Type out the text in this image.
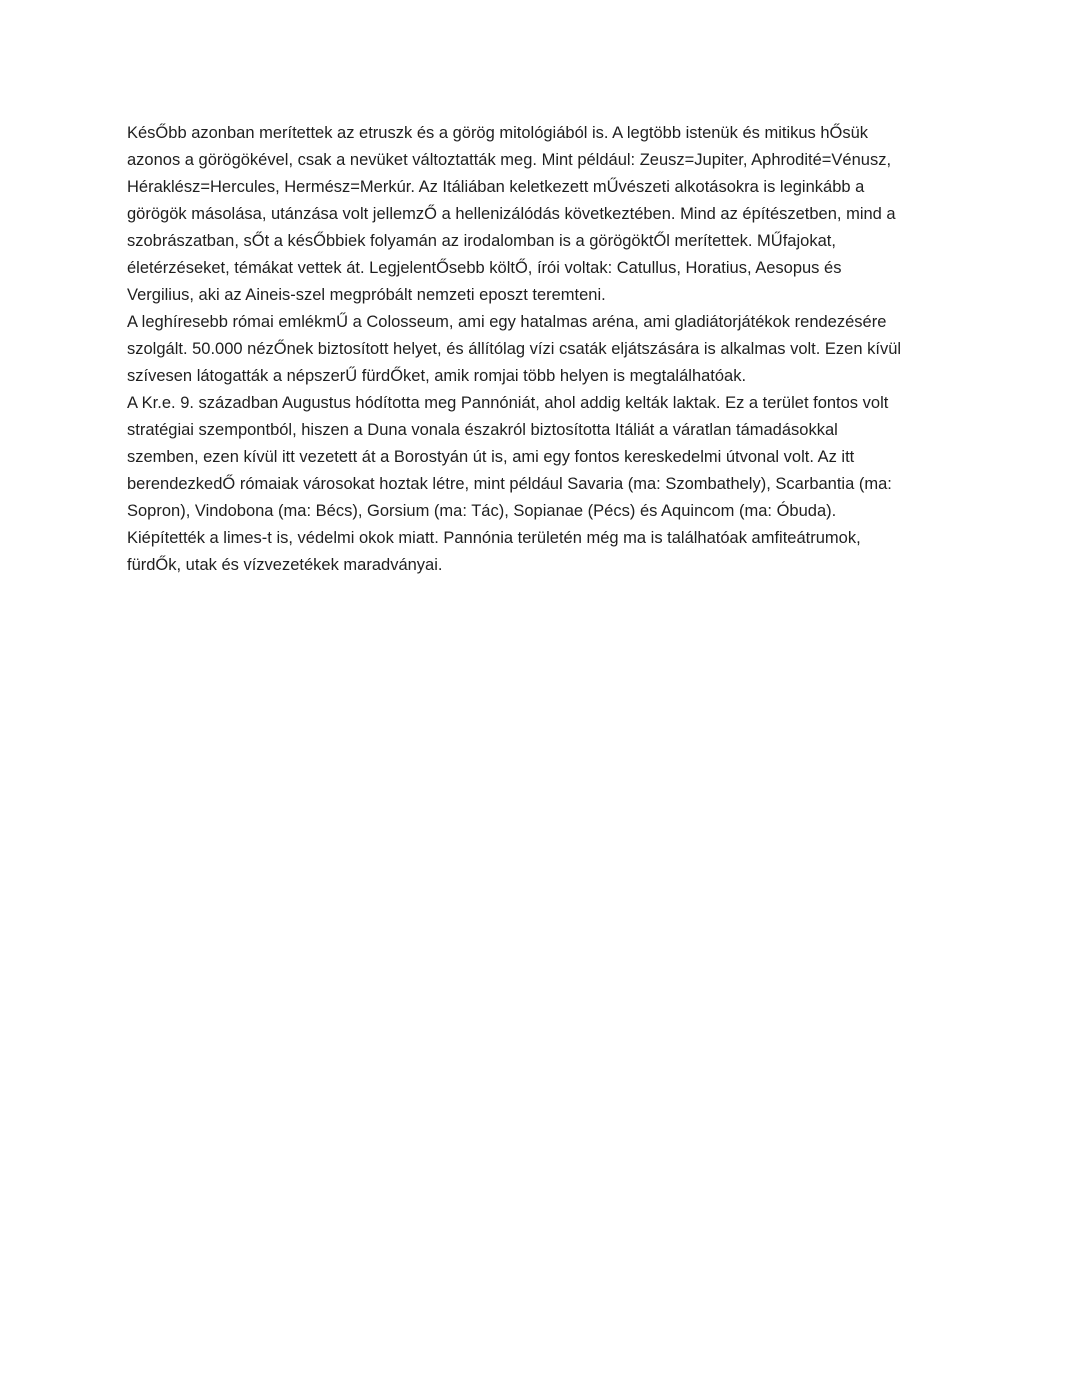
KésŐbb azonban merítettek az etruszk és a görög mitológiából is. A legtöbb istenük és mitikus hŐsük
azonos a görögökével, csak a nevüket változtatták meg. Mint például: Zeusz=Jupiter, Aphrodité=Vénusz,
Héraklész=Hercules, Hermész=Merkúr. Az Itáliában keletkezett mŰvészeti alkotásokra is leginkább a
görögök másolása, utánzása volt jellemzŐ a hellenizálódás következtében. Mind az építészetben, mind a
szobrászatban, sŐt a késŐbbiek folyamán az irodalomban is a görögöktŐl merítettek. MŰfajokat,
életérzéseket, témákat vettek át. LegjelentŐsebb költŐ, írói voltak: Catullus, Horatius, Aesopus és
Vergilius, aki az Aineis-szel megpróbált nemzeti eposzt teremteni.

A leghíresebb római emlékmŰ a Colosseum, ami egy hatalmas aréna, ami gladiátorjátékok rendezésére
szolgált. 50.000 nézŐnek biztosított helyet, és állítólag vízi csaták eljátszására is alkalmas volt. Ezen kívül
szívesen látogatták a népszerŰ fürdŐket, amik romjai több helyen is megtalálhatóak.

A Kr.e. 9. században Augustus hódította meg Pannóniát, ahol addig kelták laktak. Ez a terület fontos volt
stratégiai szempontból, hiszen a Duna vonala északról biztosította Itáliát a váratlan támadásokkal
szemben, ezen kívül itt vezetett át a Borostyán út is, ami egy fontos kereskedelmi útvonal volt. Az itt
berendezkedŐ rómaiak városokat hoztak létre, mint például Savaria (ma: Szombathely), Scarbantia (ma:
Sopron), Vindobona (ma: Bécs), Gorsium (ma: Tác), Sopianae (Pécs) és Aquincom (ma: Óbuda).
Kiépítették a limes-t is, védelmi okok miatt. Pannónia területén még ma is találhatóak amfiteátrumok,
fürdŐk, utak és vízvezetékek maradványai.
